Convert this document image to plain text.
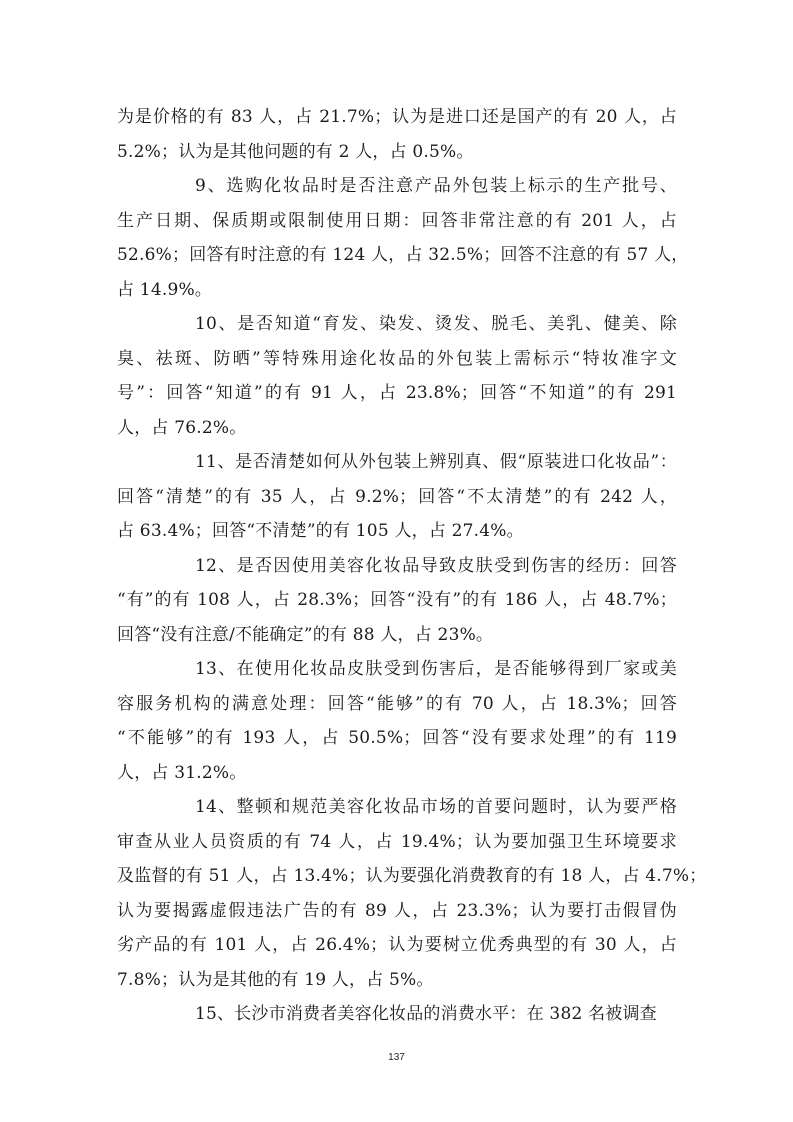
为是价格的有 83 人，占 21.7%；认为是进口还是国产的有 20 人，占
5.2%；认为是其他问题的有 2 人，占 0.5%。
9、选购化妆品时是否注意产品外包装上标示的生产批号、
生产日期、保质期或限制使用日期：回答非常注意的有 201 人，占
52.6%；回答有时注意的有 124 人，占 32.5%；回答不注意的有 57 人，
占 14.9%。
10、是否知道“育发、染发、烫发、脱毛、美乳、健美、除
臭、祛斑、防晒”等特殊用途化妆品的外包装上需标示“特妆准字文
号”：回答“知道”的有 91 人，占 23.8%；回答“不知道”的有 291
人，占 76.2%。
11、是否清楚如何从外包装上辨别真、假“原装进口化妆品”：
回答“清楚”的有 35 人，占 9.2%；回答“不太清楚”的有 242 人，
占 63.4%；回答“不清楚”的有 105 人，占 27.4%。
12、是否因使用美容化妆品导致皮肤受到伤害的经历：回答
“有”的有 108 人，占 28.3%；回答“没有”的有 186 人，占 48.7%；
回答“没有注意/不能确定”的有 88 人，占 23%。
13、在使用化妆品皮肤受到伤害后，是否能够得到厂家或美
容服务机构的满意处理：回答“能够”的有 70 人，占 18.3%；回答
“不能够”的有 193 人，占 50.5%；回答“没有要求处理”的有 119
人，占 31.2%。
14、整顿和规范美容化妆品市场的首要问题时，认为要严格
审查从业人员资质的有 74 人，占 19.4%；认为要加强卫生环境要求
及监督的有 51 人，占 13.4%；认为要强化消费教育的有 18 人，占 4.7%；
认为要揭露虚假违法广告的有 89 人，占 23.3%；认为要打击假冒伪
劣产品的有 101 人，占 26.4%；认为要树立优秀典型的有 30 人，占
7.8%；认为是其他的有 19 人，占 5%。
15、长沙市消费者美容化妆品的消费水平：在 382 名被调查
137
